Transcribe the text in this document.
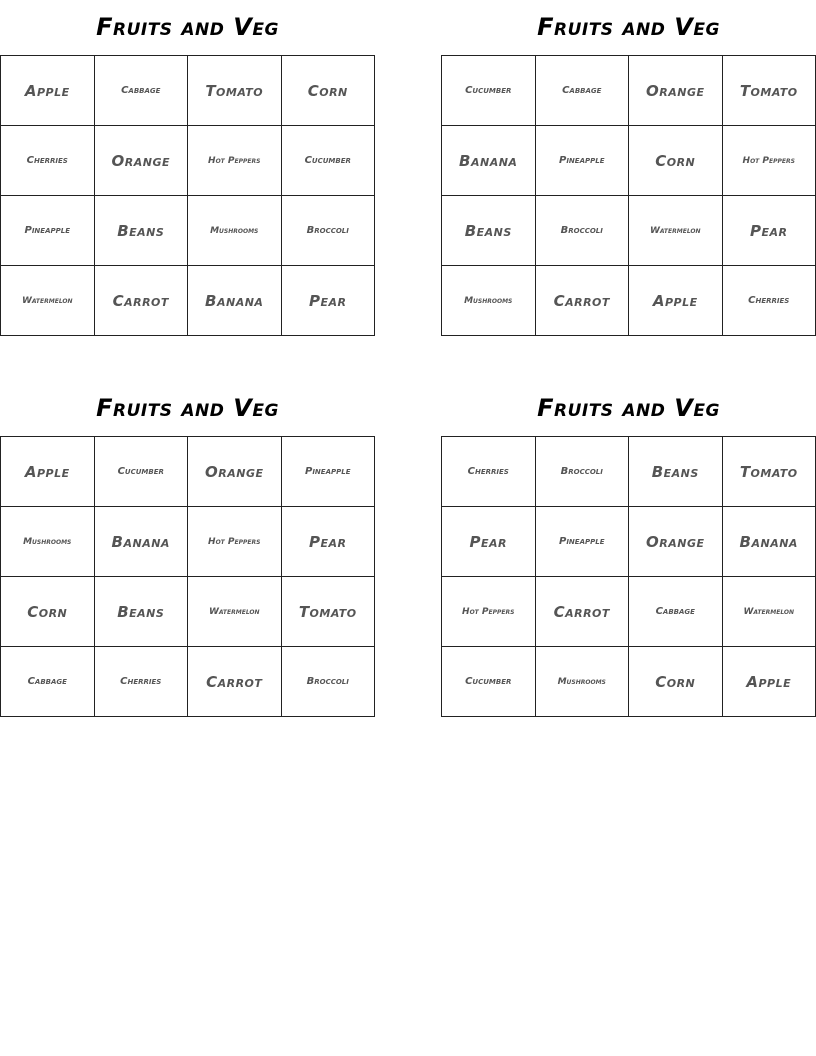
Fruits and Veg
Apple	Cabbage	Tomato	Corn
Cherries	Orange	Hot Peppers	Cucumber
Pineapple	Beans	Mushrooms	Broccoli
Watermelon	Carrot	Banana	Pear
Fruits and Veg
Cucumber	Cabbage	Orange	Tomato
Banana	Pineapple	Corn	Hot Peppers
Beans	Broccoli	Watermelon	Pear
Mushrooms	Carrot	Apple	Cherries
Fruits and Veg
Apple	Cucumber	Orange	Pineapple
Mushrooms	Banana	Hot Peppers	Pear
Corn	Beans	Watermelon	Tomato
Cabbage	Cherries	Carrot	Broccoli
Fruits and Veg
Cherries	Broccoli	Beans	Tomato
Pear	Pineapple	Orange	Banana
Hot Peppers	Carrot	Cabbage	Watermelon
Cucumber	Mushrooms	Corn	Apple
